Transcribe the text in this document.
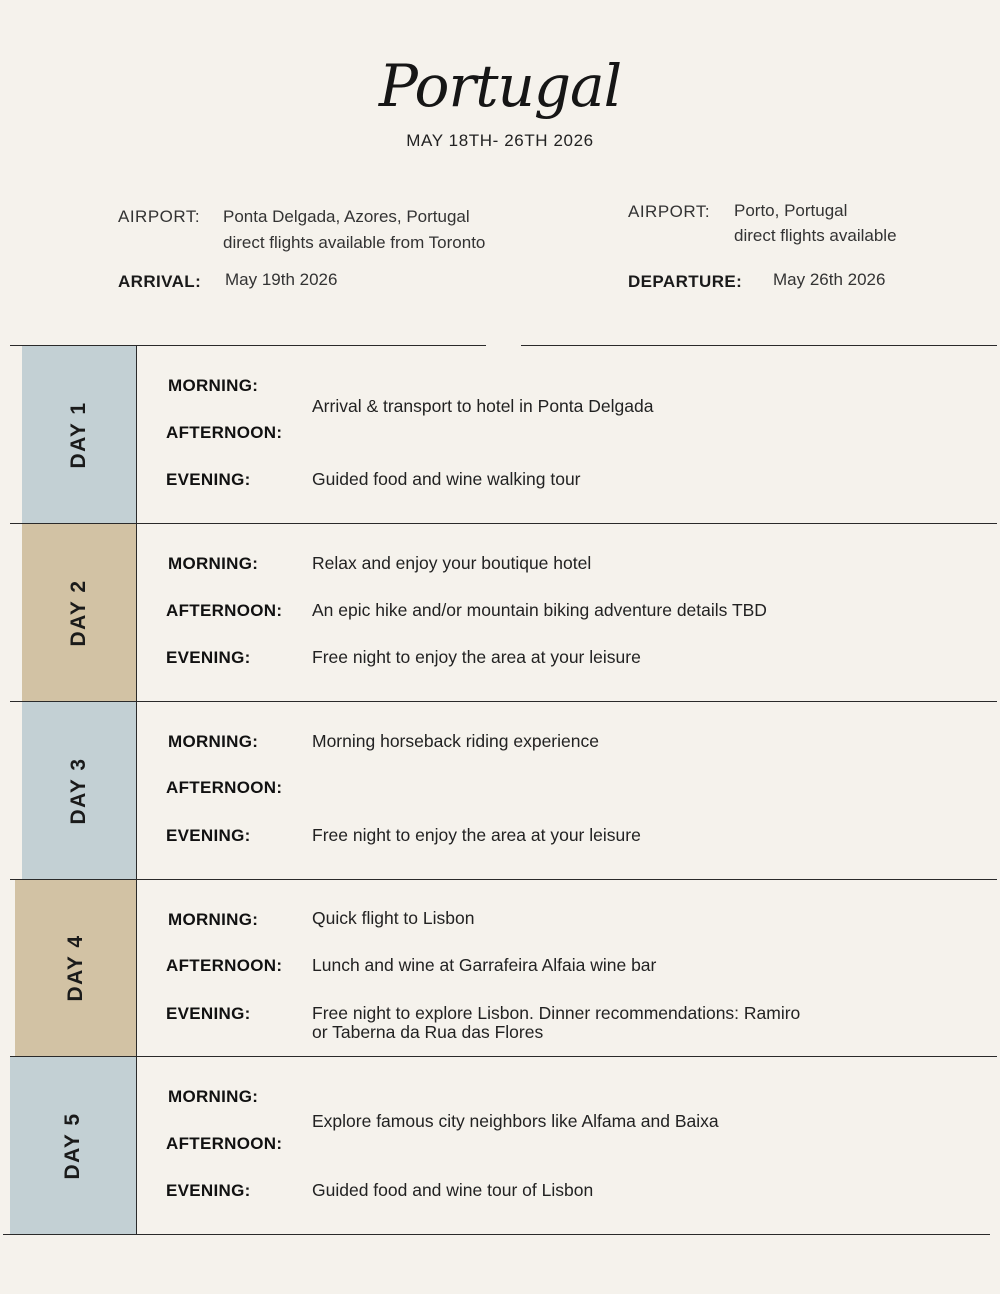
Portugal
MAY 18TH- 26TH 2026
AIRPORT: Ponta Delgada, Azores, Portugal
direct flights available from Toronto
ARRIVAL: May 19th 2026
AIRPORT: Porto, Portugal
direct flights available
DEPARTURE: May 26th 2026
DAY 1
DAY 2
DAY 3
DAY 4
DAY 5
MORNING:
AFTERNOON:
EVENING:
Arrival & transport to hotel in Ponta Delgada
Guided food and wine walking tour
MORNING:
AFTERNOON:
EVENING:
Relax and enjoy your boutique hotel
An epic hike and/or mountain biking adventure details TBD
Free night to enjoy the area at your leisure
MORNING:
AFTERNOON:
EVENING:
Morning horseback riding experience
Free night to enjoy the area at your leisure
MORNING:
AFTERNOON:
EVENING:
Quick flight to Lisbon
Lunch and wine at Garrafeira Alfaia wine bar
Free night to explore Lisbon. Dinner recommendations: Ramiro
or Taberna da Rua das Flores
MORNING:
AFTERNOON:
EVENING:
Explore famous city neighbors like Alfama and Baixa
Guided food and wine tour of Lisbon
